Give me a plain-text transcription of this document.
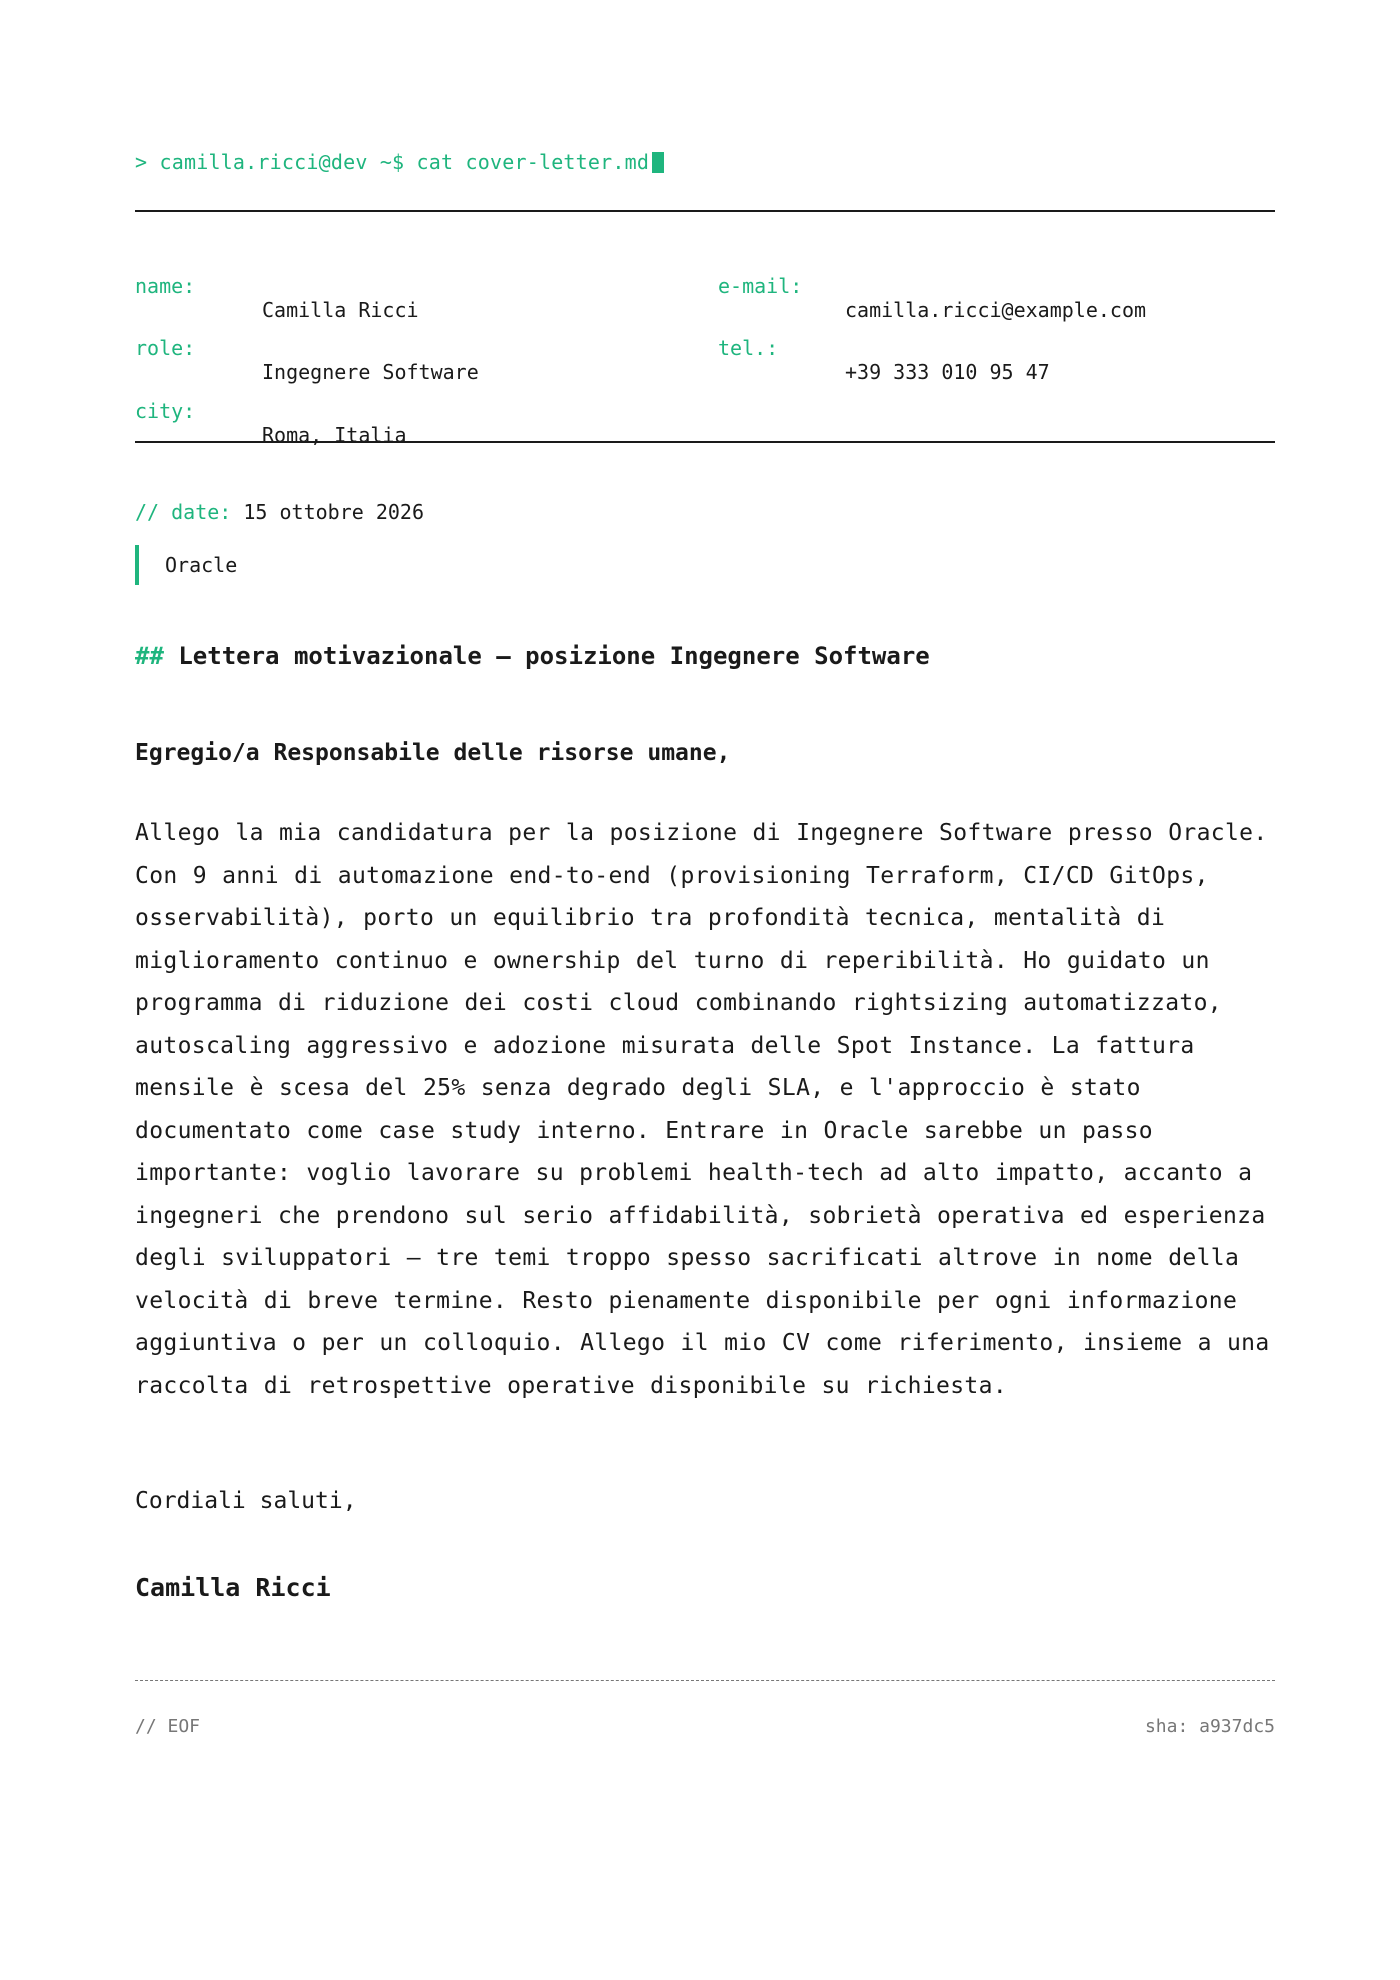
> camilla.ricci@dev ~$ cat cover-letter.md

name:

Camilla Ricci

role:

Ingegnere Software

city:

Roma, Italia

e-mail:

camilla.ricci@example.com

tel.:

+39 333 010 95 47

// date: 15 ottobre 2026
Oracle
## Lettera motivazionale — posizione Ingegnere Software
Egregio/a Responsabile delle risorse umane,

Allego la mia candidatura per la posizione di Ingegnere Software presso Oracle. Con 9 anni di automazione end-to-end (provisioning Terraform, CI/CD GitOps, osservabilità), porto un equilibrio tra profondità tecnica, mentalità di miglioramento continuo e ownership del turno di reperibilità. Ho guidato un programma di riduzione dei costi cloud combinando rightsizing automatizzato, autoscaling aggressivo e adozione misurata delle Spot Instance. La fattura mensile è scesa del 25% senza degrado degli SLA, e l'approccio è stato documentato come case study interno. Entrare in Oracle sarebbe un passo importante: voglio lavorare su problemi health-tech ad alto impatto, accanto a ingegneri che prendono sul serio affidabilità, sobrietà operativa ed esperienza degli sviluppatori — tre temi troppo spesso sacrificati altrove in nome della velocità di breve termine. Resto pienamente disponibile per ogni informazione aggiuntiva o per un colloquio. Allego il mio CV come riferimento, insieme a una raccolta di retrospettive operative disponibile su richiesta.

Cordiali saluti,
Camilla Ricci
// EOF	sha: a937dc5
